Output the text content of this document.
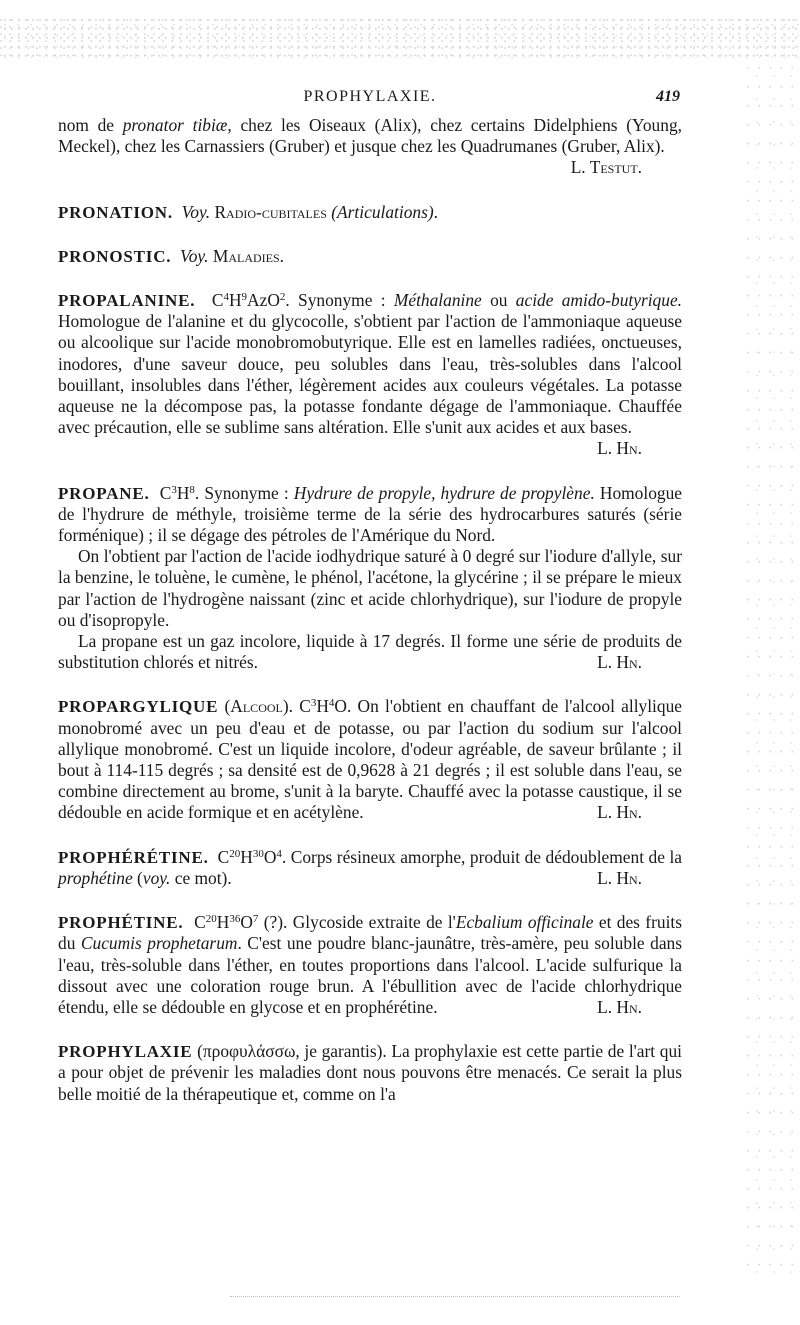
PROPHYLAXIE.	419

nom de pronator tibiæ, chez les Oiseaux (Alix), chez certains Didelphiens (Young, Meckel), chez les Carnassiers (Gruber) et jusque chez les Quadrumanes (Gruber, Alix).
L. Testut.

PRONATION. Voy. Radio-cubitales (Articulations).

PRONOSTIC. Voy. Maladies.

PROPALANINE. $C^4H^9AzO^2$. Synonyme : Méthalanine ou acide amido-butyrique. Homologue de l'alanine et du glycocolle, s'obtient par l'action de l'ammoniaque aqueuse ou alcoolique sur l'acide monobromobutyrique. Elle est en lamelles radiées, onctueuses, inodores, d'une saveur douce, peu solubles dans l'eau, très-solubles dans l'alcool bouillant, insolubles dans l'éther, légèrement acides aux couleurs végétales. La potasse aqueuse ne la décompose pas, la potasse fondante dégage de l'ammoniaque. Chauffée avec précaution, elle se sublime sans altération. Elle s'unit aux acides et aux bases.
L. Hn.

PROPANE. $C^3H^8$. Synonyme : Hydrure de propyle, hydrure de propylène. Homologue de l'hydrure de méthyle, troisième terme de la série des hydrocarbures saturés (série forménique) ; il se dégage des pétroles de l'Amérique du Nord.

On l'obtient par l'action de l'acide iodhydrique saturé à 0 degré sur l'iodure d'allyle, sur la benzine, le toluène, le cumène, le phénol, l'acétone, la glycérine ; il se prépare le mieux par l'action de l'hydrogène naissant (zinc et acide chlorhydrique), sur l'iodure de propyle ou d'isopropyle.

La propane est un gaz incolore, liquide à 17 degrés. Il forme une série de produits de substitution chlorés et nitrés.	L. Hn.

PROPARGYLIQUE (Alcool). $C^3H^4O$. On l'obtient en chauffant de l'alcool allylique monobromé avec un peu d'eau et de potasse, ou par l'action du sodium sur l'alcool allylique monobromé. C'est un liquide incolore, d'odeur agréable, de saveur brûlante ; il bout à 114-115 degrés ; sa densité est de 0,9628 à 21 degrés ; il est soluble dans l'eau, se combine directement au brome, s'unit à la baryte. Chauffé avec la potasse caustique, il se dédouble en acide formique et en acétylène.	L. Hn.

PROPHÉRÉTINE. $C^{20}H^{30}O^4$. Corps résineux amorphe, produit de dédoublement de la prophétine (voy. ce mot).	L. Hn.

PROPHÉTINE. $C^{20}H^{36}O^7$ (?). Glycoside extraite de l'Ecbalium officinale et des fruits du Cucumis prophetarum. C'est une poudre blanc-jaunâtre, très-amère, peu soluble dans l'eau, très-soluble dans l'éther, en toutes proportions dans l'alcool. L'acide sulfurique la dissout avec une coloration rouge brun. A l'ébullition avec de l'acide chlorhydrique étendu, elle se dédouble en glycose et en prophérétine.	L. Hn.

PROPHYLAXIE (προφυλάσσω, je garantis). La prophylaxie est cette partie de l'art qui a pour objet de prévenir les maladies dont nous pouvons être menacés. Ce serait la plus belle moitié de la thérapeutique et, comme on l'a
